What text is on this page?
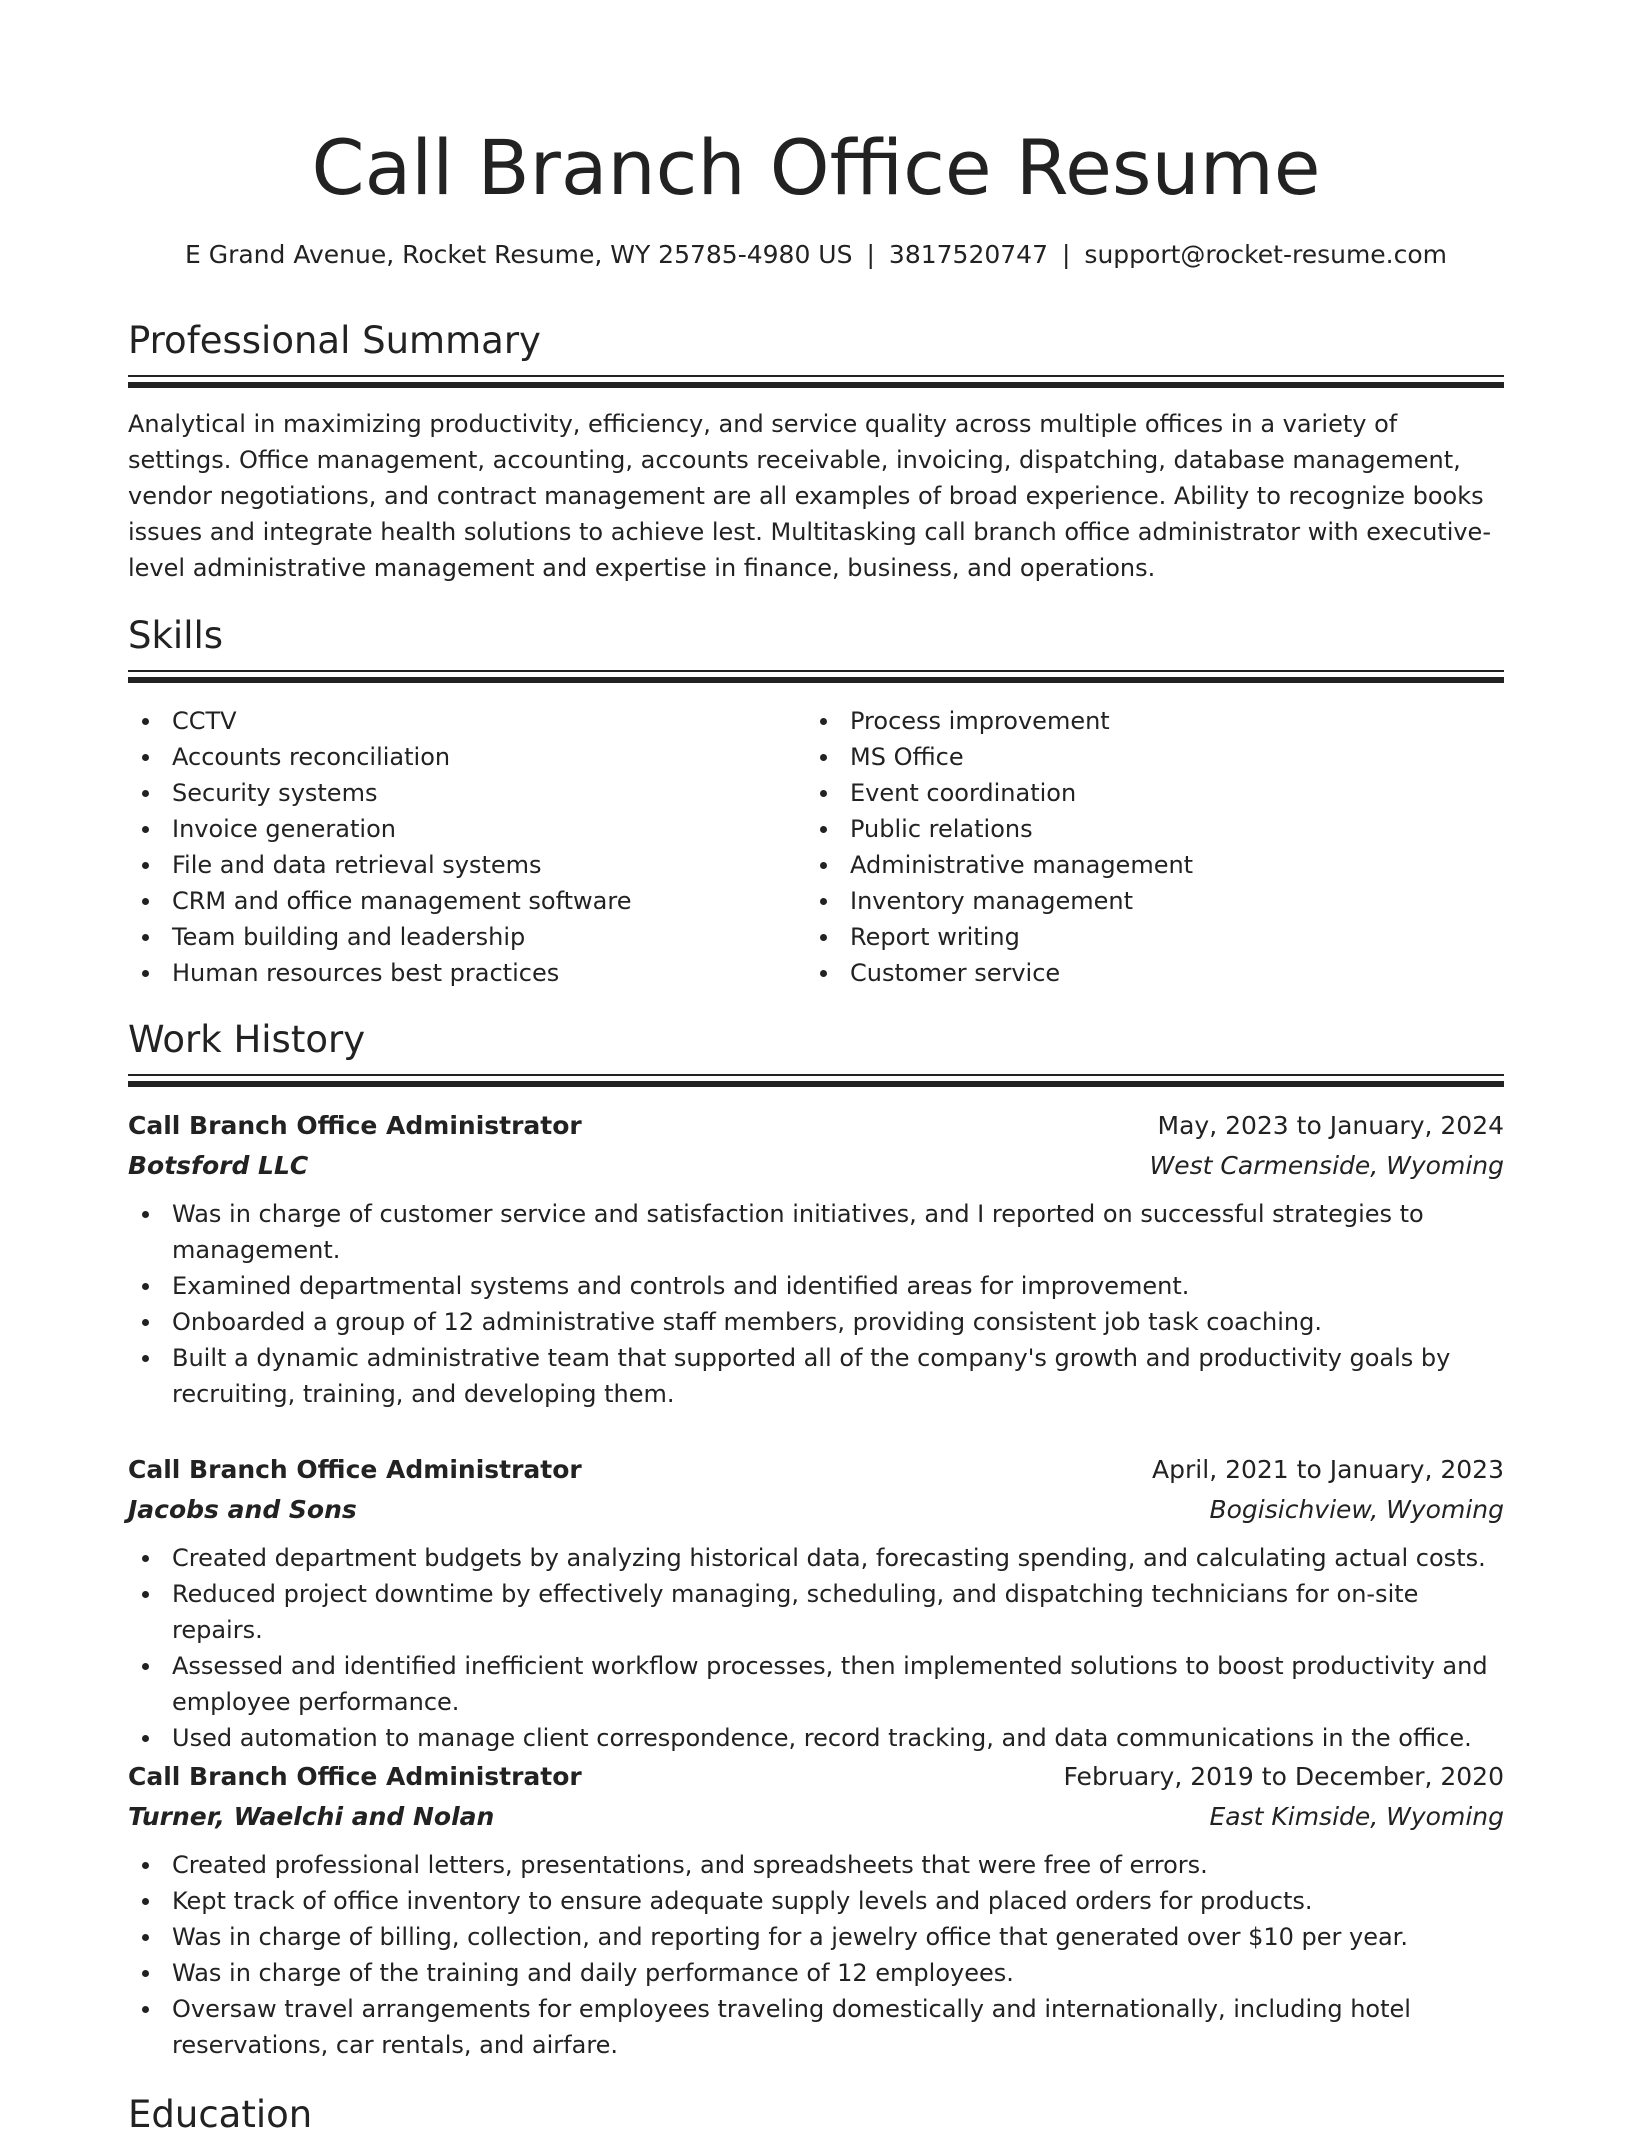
Call Branch Office Resume
E Grand Avenue, Rocket Resume, WY 25785-4980 US | 3817520747 | support@rocket-resume.com
Professional Summary

Analytical in maximizing productivity, efficiency, and service quality across multiple offices in a variety of settings. Office management, accounting, accounts receivable, invoicing, dispatching, database management, vendor negotiations, and contract management are all examples of broad experience. Ability to recognize books issues and integrate health solutions to achieve lest. Multitasking call branch office administrator with executive-level administrative management and expertise in finance, business, and operations.

Skills
CCTV
Accounts reconciliation
Security systems
Invoice generation
File and data retrieval systems
CRM and office management software
Team building and leadership
Human resources best practices
Process improvement
MS Office
Event coordination
Public relations
Administrative management
Inventory management
Report writing
Customer service
Work History
Call Branch Office Administrator	May, 2023 to January, 2024
Botsford LLC	West Carmenside, Wyoming
Was in charge of customer service and satisfaction initiatives, and I reported on successful strategies to management.
Examined departmental systems and controls and identified areas for improvement.
Onboarded a group of 12 administrative staff members, providing consistent job task coaching.
Built a dynamic administrative team that supported all of the company's growth and productivity goals by recruiting, training, and developing them.
Call Branch Office Administrator	April, 2021 to January, 2023
Jacobs and Sons	Bogisichview, Wyoming
Created department budgets by analyzing historical data, forecasting spending, and calculating actual costs.
Reduced project downtime by effectively managing, scheduling, and dispatching technicians for on-site repairs.
Assessed and identified inefficient workflow processes, then implemented solutions to boost productivity and employee performance.
Used automation to manage client correspondence, record tracking, and data communications in the office.
Call Branch Office Administrator	February, 2019 to December, 2020
Turner, Waelchi and Nolan	East Kimside, Wyoming
Created professional letters, presentations, and spreadsheets that were free of errors.
Kept track of office inventory to ensure adequate supply levels and placed orders for products.
Was in charge of billing, collection, and reporting for a jewelry office that generated over $10 per year.
Was in charge of the training and daily performance of 12 employees.
Oversaw travel arrangements for employees traveling domestically and internationally, including hotel reservations, car rentals, and airfare.
Education
